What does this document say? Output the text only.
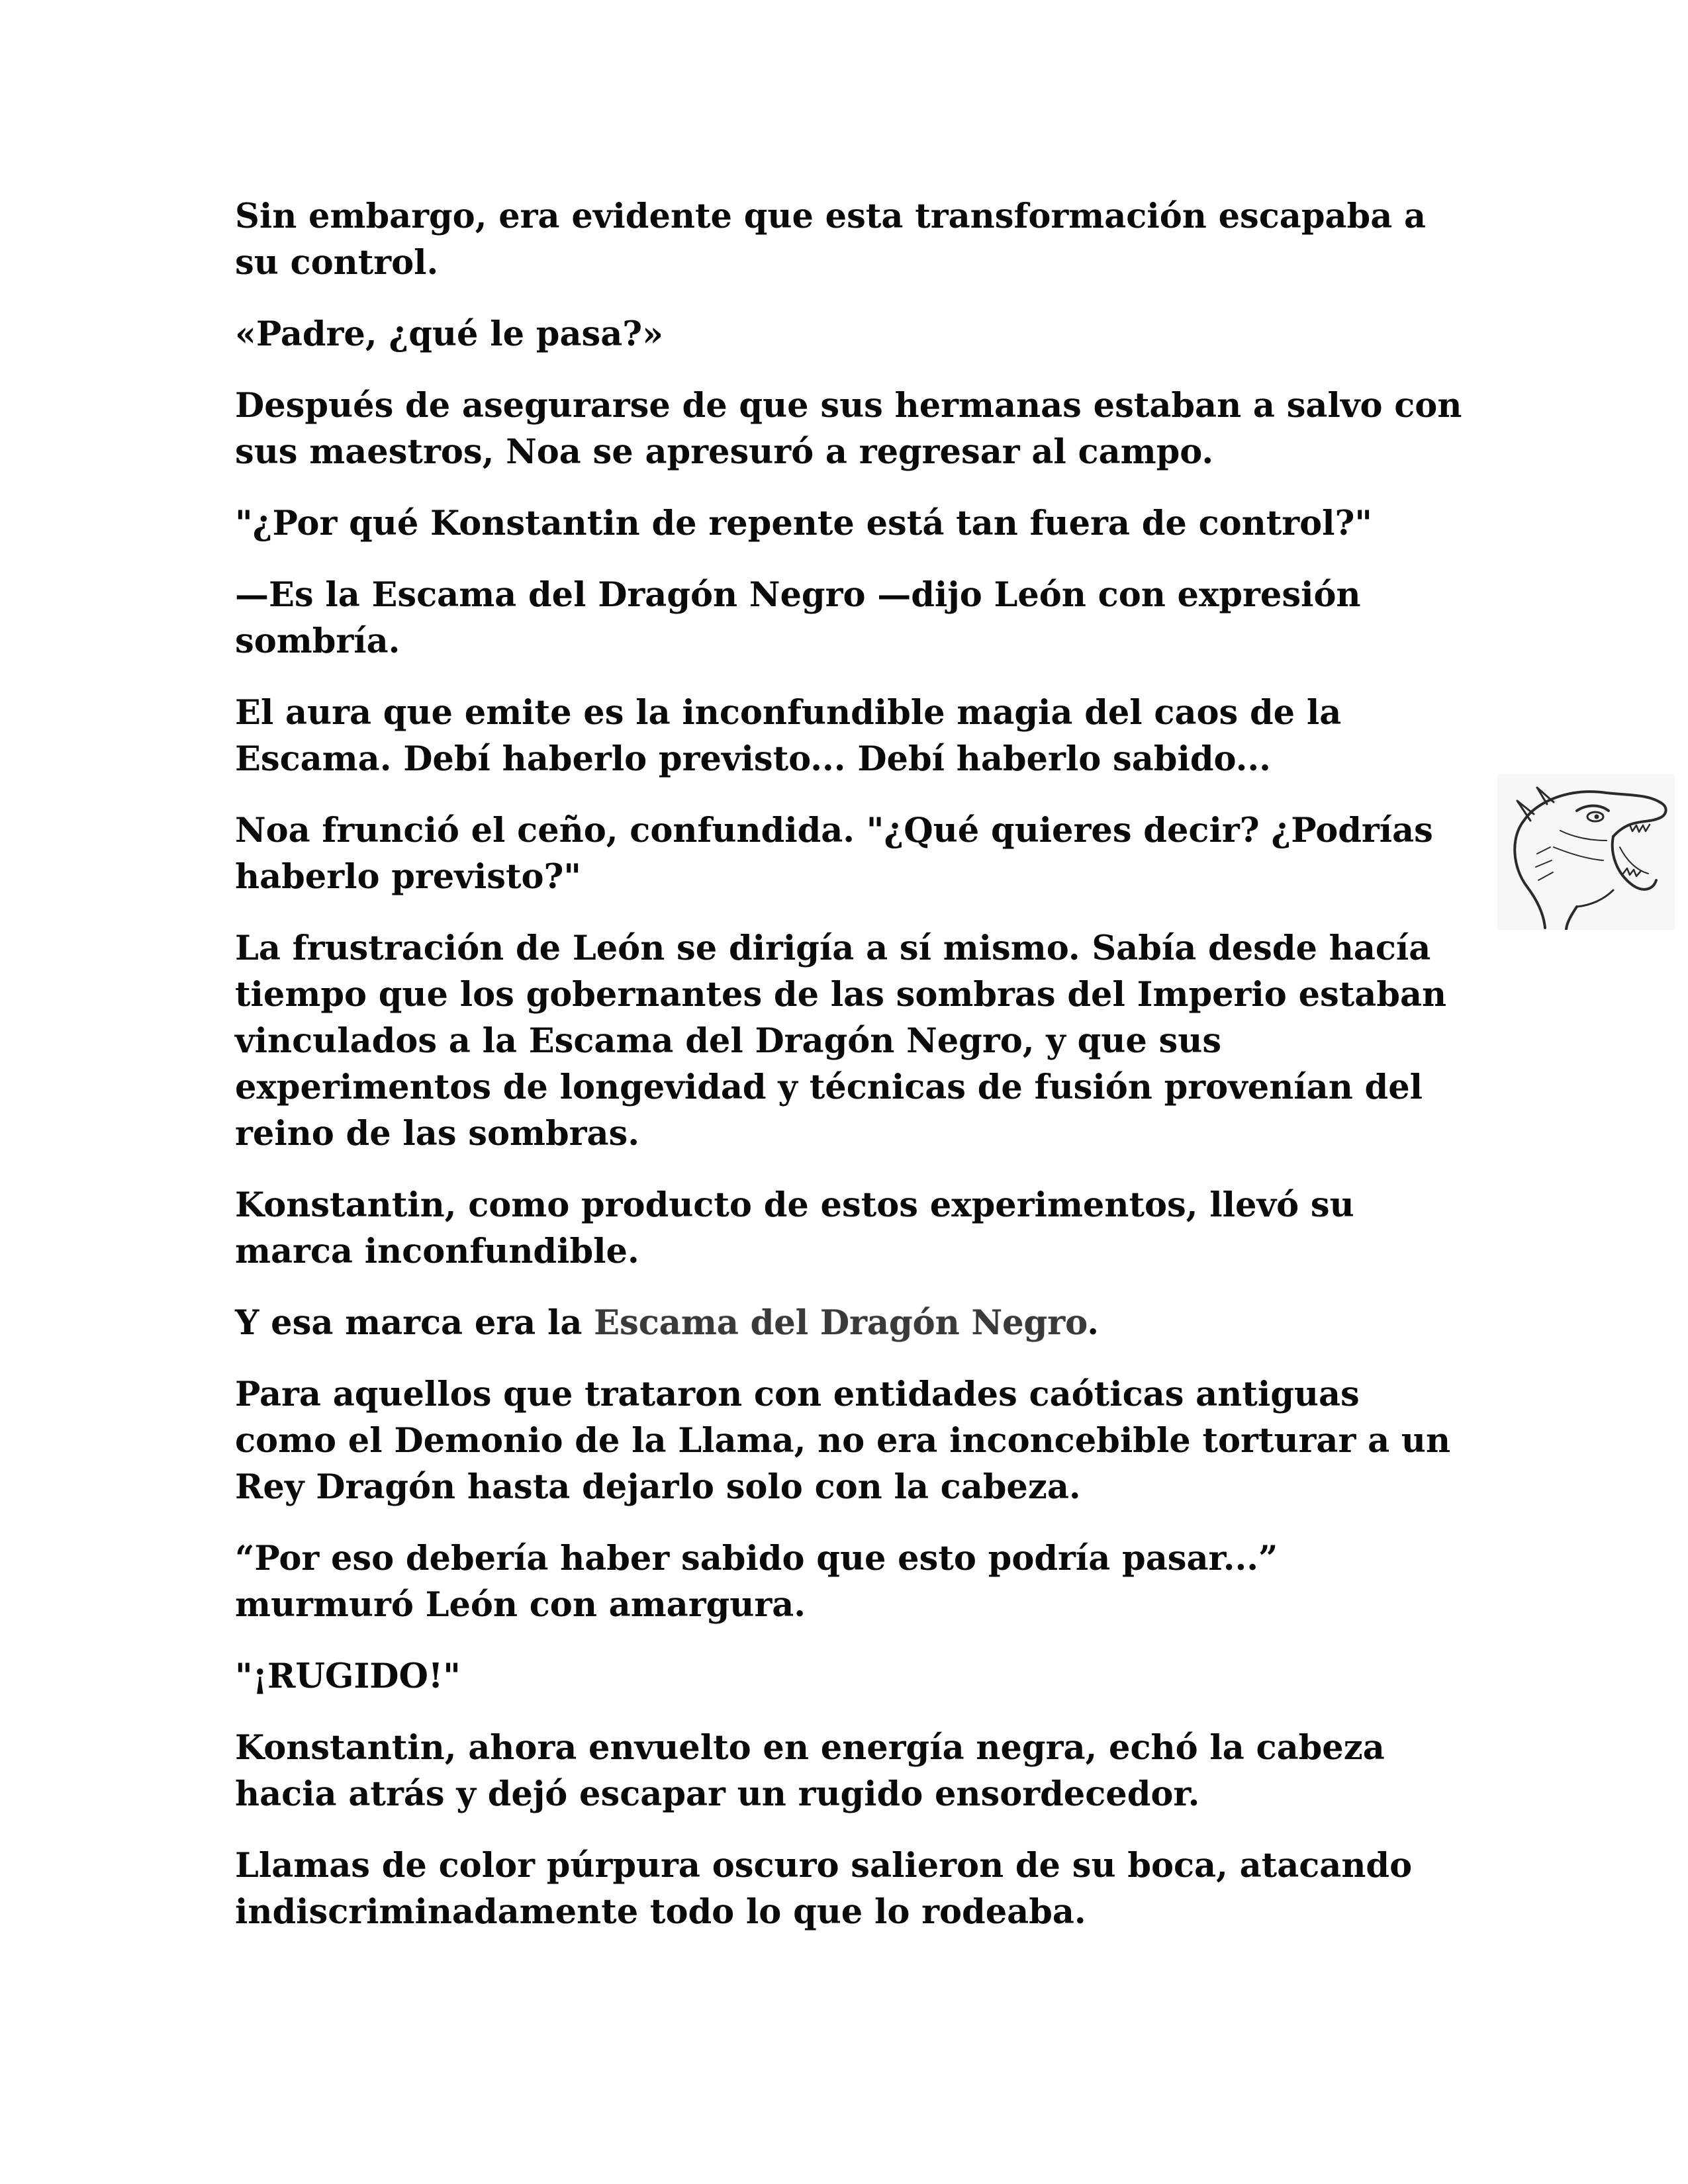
Sin embargo, era evidente que esta transformación escapaba a su control.

«Padre, ¿qué le pasa?»

Después de asegurarse de que sus hermanas estaban a salvo con sus maestros, Noa se apresuró a regresar al campo.

"¿Por qué Konstantin de repente está tan fuera de control?"

—Es la Escama del Dragón Negro —dijo León con expresión sombría.

El aura que emite es la inconfundible magia del caos de la Escama. Debí haberlo previsto... Debí haberlo sabido...

Noa frunció el ceño, confundida. "¿Qué quieres decir? ¿Podrías haberlo previsto?"

La frustración de León se dirigía a sí mismo. Sabía desde hacía tiempo que los gobernantes de las sombras del Imperio estaban vinculados a la Escama del Dragón Negro, y que sus experimentos de longevidad y técnicas de fusión provenían del reino de las sombras.

Konstantin, como producto de estos experimentos, llevó su marca inconfundible.

Y esa marca era la Escama del Dragón Negro.

Para aquellos que trataron con entidades caóticas antiguas como el Demonio de la Llama, no era inconcebible torturar a un Rey Dragón hasta dejarlo solo con la cabeza.

“Por eso debería haber sabido que esto podría pasar...” murmuró León con amargura.

"¡RUGIDO!"

Konstantin, ahora envuelto en energía negra, echó la cabeza hacia atrás y dejó escapar un rugido ensordecedor.

Llamas de color púrpura oscuro salieron de su boca, atacando indiscriminadamente todo lo que lo rodeaba.
